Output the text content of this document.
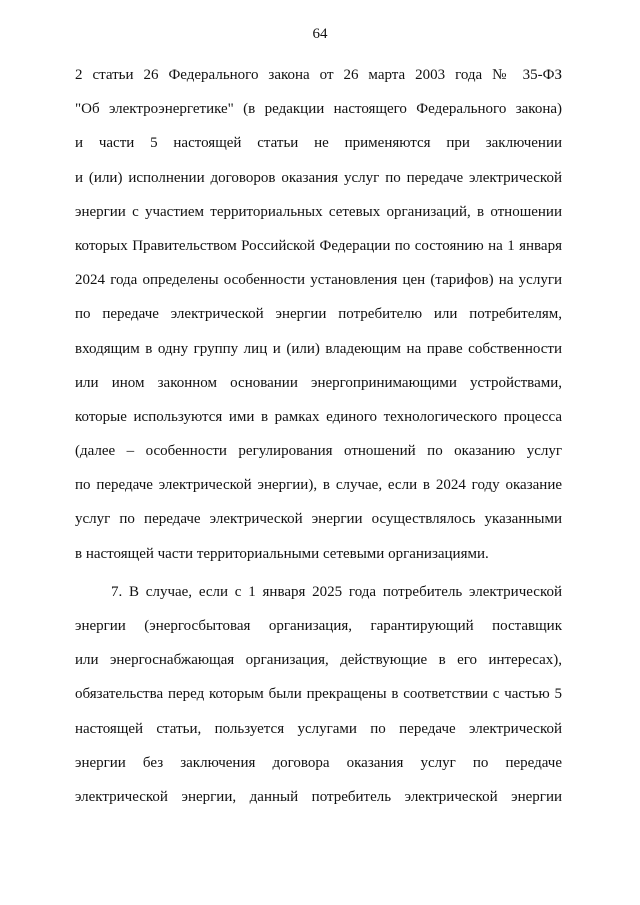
64
2 статьи 26 Федерального закона от 26 марта 2003 года № 35-ФЗ
"Об электроэнергетике" (в редакции настоящего Федерального закона)
и части 5 настоящей статьи не применяются при заключении
и (или) исполнении договоров оказания услуг по передаче электрической
энергии с участием территориальных сетевых организаций, в отношении
которых Правительством Российской Федерации по состоянию на 1 января
2024 года определены особенности установления цен (тарифов) на услуги
по передаче электрической энергии потребителю или потребителям,
входящим в одну группу лиц и (или) владеющим на праве собственности
или ином законном основании энергопринимающими устройствами,
которые используются ими в рамках единого технологического процесса
(далее – особенности регулирования отношений по оказанию услуг
по передаче электрической энергии), в случае, если в 2024 году оказание
услуг по передаче электрической энергии осуществлялось указанными
в настоящей части территориальными сетевыми организациями.
7. В случае, если с 1 января 2025 года потребитель электрической
энергии (энергосбытовая организация, гарантирующий поставщик
или энергоснабжающая организация, действующие в его интересах),
обязательства перед которым были прекращены в соответствии с частью 5
настоящей статьи, пользуется услугами по передаче электрической
энергии без заключения договора оказания услуг по передаче
электрической энергии, данный потребитель электрической энергии
